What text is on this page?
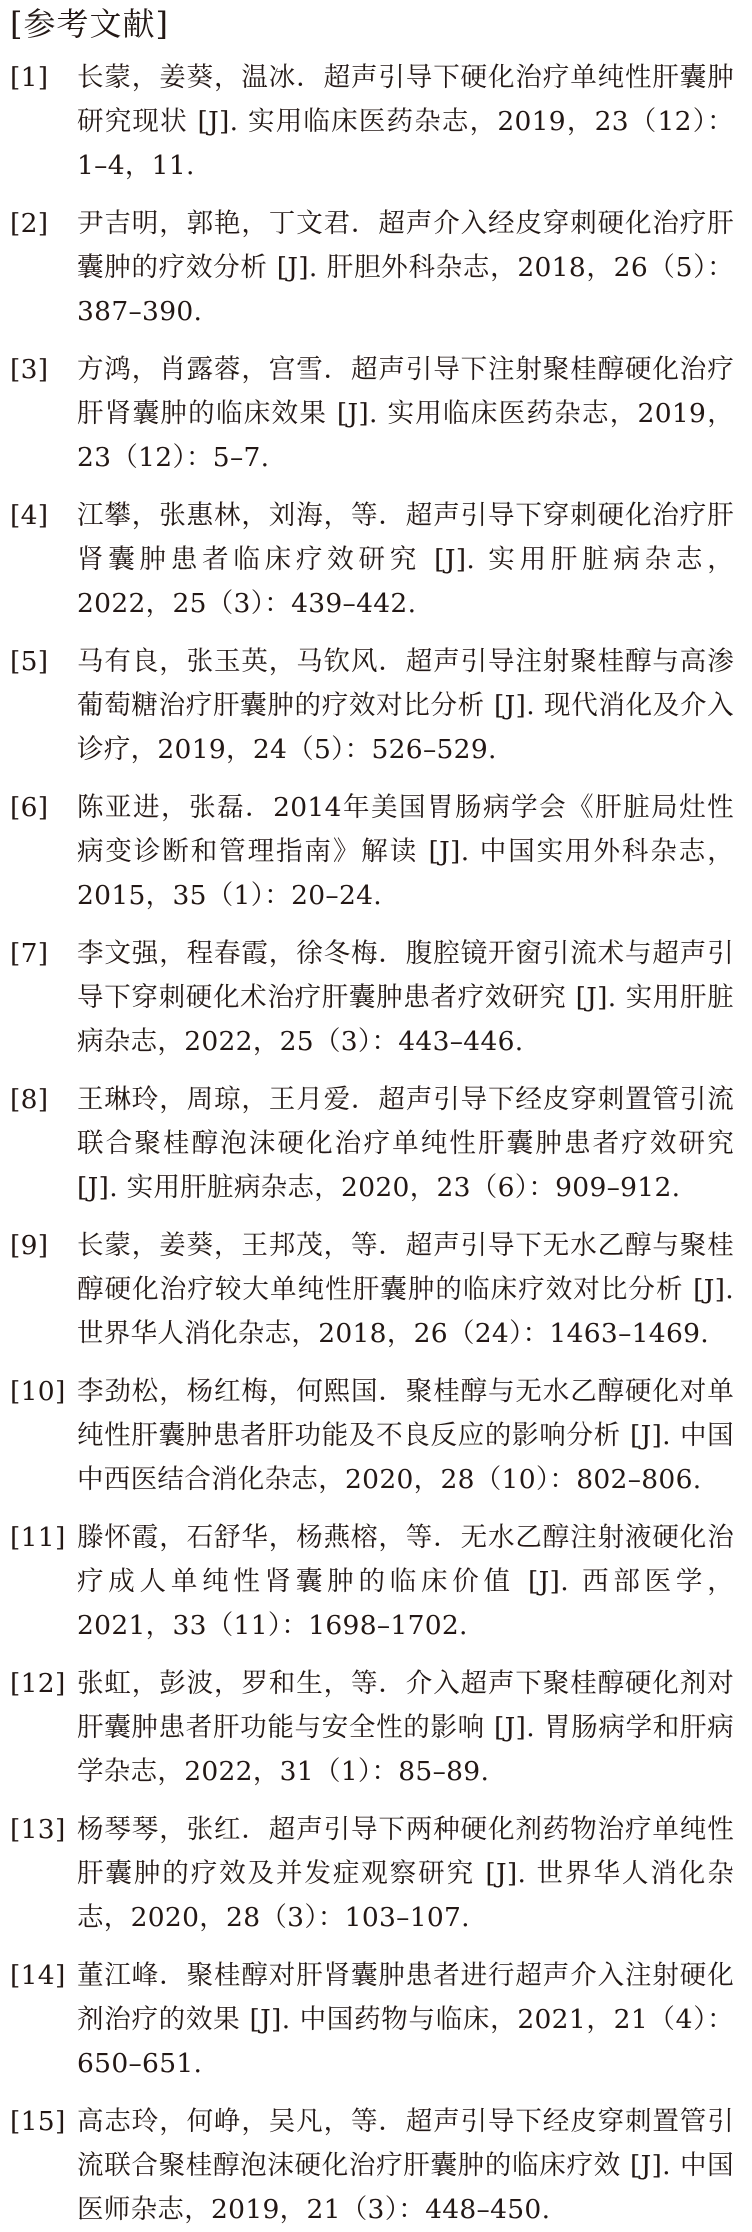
[参考文献]
[1] 长蒙，姜葵，温冰．超声引导下硬化治疗单纯性肝囊肿研究现状 [J]. 实用临床医药杂志，2019，23（12）：1–4，11.
[2] 尹吉明，郭艳，丁文君．超声介入经皮穿刺硬化治疗肝囊肿的疗效分析 [J]. 肝胆外科杂志，2018，26（5）：387–390.
[3] 方鸿，肖露蓉，宫雪．超声引导下注射聚桂醇硬化治疗肝肾囊肿的临床效果 [J]. 实用临床医药杂志，2019，23（12）：5–7.
[4] 江攀，张惠林，刘海，等．超声引导下穿刺硬化治疗肝肾囊肿患者临床疗效研究 [J]. 实用肝脏病杂志，2022，25（3）：439–442.
[5] 马有良，张玉英，马钦风．超声引导注射聚桂醇与高渗葡萄糖治疗肝囊肿的疗效对比分析 [J]. 现代消化及介入诊疗，2019，24（5）：526–529.
[6] 陈亚进，张磊．2014年美国胃肠病学会《肝脏局灶性病变诊断和管理指南》解读 [J]. 中国实用外科杂志，2015，35（1）：20–24.
[7] 李文强，程春霞，徐冬梅．腹腔镜开窗引流术与超声引导下穿刺硬化术治疗肝囊肿患者疗效研究 [J]. 实用肝脏病杂志，2022，25（3）：443–446.
[8] 王琳玲，周琼，王月爱．超声引导下经皮穿刺置管引流联合聚桂醇泡沫硬化治疗单纯性肝囊肿患者疗效研究 [J]. 实用肝脏病杂志，2020，23（6）：909–912.
[9] 长蒙，姜葵，王邦茂，等．超声引导下无水乙醇与聚桂醇硬化治疗较大单纯性肝囊肿的临床疗效对比分析 [J]. 世界华人消化杂志，2018，26（24）：1463–1469.
[10] 李劲松，杨红梅，何熙国．聚桂醇与无水乙醇硬化对单纯性肝囊肿患者肝功能及不良反应的影响分析 [J]. 中国中西医结合消化杂志，2020，28（10）：802–806.
[11] 滕怀霞，石舒华，杨燕榕，等．无水乙醇注射液硬化治疗成人单纯性肾囊肿的临床价值 [J]. 西部医学，2021，33（11）：1698–1702.
[12] 张虹，彭波，罗和生，等．介入超声下聚桂醇硬化剂对肝囊肿患者肝功能与安全性的影响 [J]. 胃肠病学和肝病学杂志，2022，31（1）：85–89.
[13] 杨琴琴，张红．超声引导下两种硬化剂药物治疗单纯性肝囊肿的疗效及并发症观察研究 [J]. 世界华人消化杂志，2020，28（3）：103–107.
[14] 董江峰．聚桂醇对肝肾囊肿患者进行超声介入注射硬化剂治疗的效果 [J]. 中国药物与临床，2021，21（4）：650–651.
[15] 高志玲，何峥，吴凡，等．超声引导下经皮穿刺置管引流联合聚桂醇泡沫硬化治疗肝囊肿的临床疗效 [J]. 中国医师杂志，2019，21（3）：448–450.
